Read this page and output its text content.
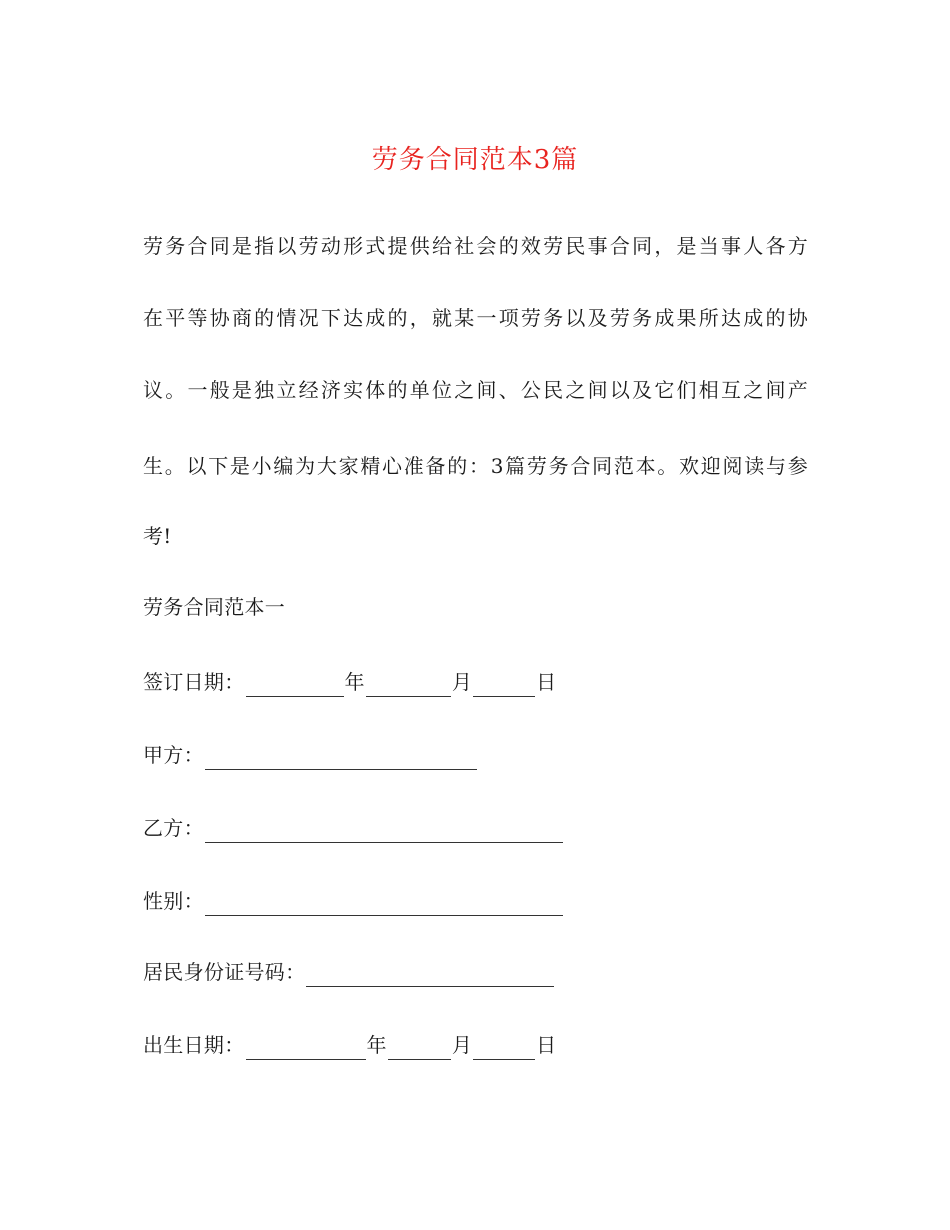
劳务合同范本3篇
劳务合同是指以劳动形式提供给社会的效劳民事合同，是当事人各方
在平等协商的情况下达成的，就某一项劳务以及劳务成果所达成的协
议。一般是独立经济实体的单位之间、公民之间以及它们相互之间产
生。以下是小编为大家精心准备的：3篇劳务合同范本。欢迎阅读与参
考!
劳务合同范本一
签订日期：	年	月	日
甲方：
乙方：
性别：
居民身份证号码：
出生日期：	年	月	日
